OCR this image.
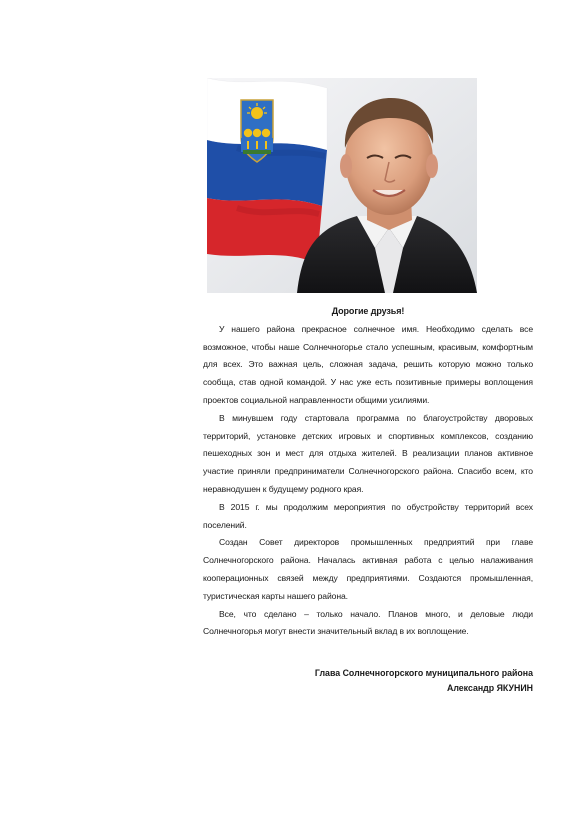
Дорогие друзья!

У нашего района прекрасное солнечное имя. Необходимо сделать все возможное, чтобы наше Солнечногорье стало успешным, красивым, комфортным для всех. Это важная цель, сложная задача, решить которую можно только сообща, став одной командой. У нас уже есть позитивные примеры воплощения проектов социальной направленности общими усилиями.

В минувшем году стартовала программа по благоустройству дворовых территорий, установке детских игровых и спортивных комплексов, созданию пешеходных зон и мест для отдыха жителей. В реализации планов активное участие приняли предприниматели Солнечногорского района. Спасибо всем, кто неравнодушен к будущему родного края.

В 2015 г. мы продолжим мероприятия по обустройству территорий всех поселений.

Создан Совет директоров промышленных предприятий при главе Солнечногорского района. Началась активная работа с целью налаживания кооперационных связей между предприятиями. Создаются промышленная, туристическая карты нашего района.

Все, что сделано – только начало. Планов много, и деловые люди Солнечногорья могут внести значительный вклад в их воплощение.

Глава Солнечногорского муниципального района
Александр ЯКУНИН
